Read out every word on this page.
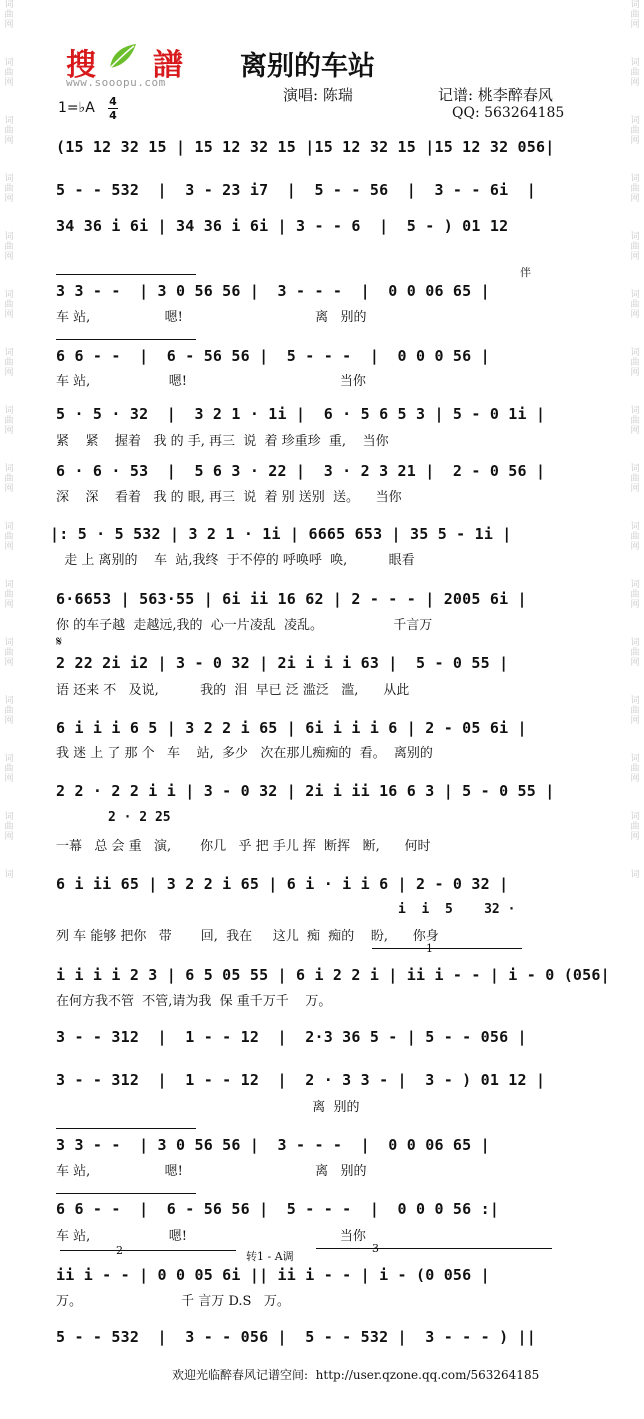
词
曲
网
词
曲
网
词
曲
网
词
曲
网
词
曲
网
词
曲
网
词
曲
网
词
曲
网
词
曲
网
词
曲
网
词
曲
网
词
曲
网
词
曲
网
词
曲
网
词
曲
网
词
词
曲
网
词
曲
网
词
曲
网
词
曲
网
词
曲
网
词
曲
网
词
曲
网
词
曲
网
词
曲
网
词
曲
网
词
曲
网
词
曲
网
词
曲
网
词
曲
网
词
曲
网
词
搜 譜
www.sooopu.com
离别的车站
演唱: 陈瑞	记谱: 桃李醉春风
QQ: 563264185
1=♭A 4
4
(15 12 32 15 | 15 12 32 15 |15 12 32 15 |15 12 32 056|
5 - - 532  |  3 - 23 i7  |  5 - - 56  |  3 - - 6i  |
34 36 i 6i | 34 36 i 6i | 3 - - 6  |  5 - ) 01 12
伴
3 3 - -  | 3 0 56 56 |  3 - - -  |  0 0 06 65 |
车 站,                  嗯!                                离   别的
6 6 - -  |  6 - 56 56 |  5 - - -  |  0 0 0 56 |
车 站,                   嗯!                                     当你
5 · 5 · 32  |  3 2 1 · 1i |  6 · 5 6 5 3 | 5 - 0 1i |
紧    紧    握着   我 的 手, 再三  说  着 珍重珍  重,    当你
6 · 6 · 53  |  5 6 3 · 22 |  3 · 2 3 21 |  2 - 0 56 |
深    深    看着   我 的 眼, 再三  说  着 别 送别  送。    当你
|: 5 · 5 532 | 3 2 1 · 1i | 6665 653 | 35 5 - 1i |
走 上 离别的    车  站,我终  于不停的 呼唤呼  唤,          眼看
6·6653 | 563·55 | 6i ii 16 62 | 2 - - - | 2005 6i |
你 的车子越  走越远,我的  心一片凌乱  凌乱。                 千言万
𝄋
2 22 2i i2 | 3 - 0 32 | 2i i i i 63 |  5 - 0 55 |
语 还来 不   及说,          我的  泪  早已 泛 滥泛   滥,      从此
6 i i i 6 5 | 3 2 2 i 65 | 6i i i i 6 | 2 - 05 6i |
我 迷 上 了 那 个   车    站,  多少   次在那儿痴痴的  看。  离别的
2 2 · 2 2 i i | 3 - 0 32 | 2i i ii 16 6 3 | 5 - 0 55 |
2 · 2 25
一幕   总 会 重   演,       你几   乎 把 手儿 挥  断挥   断,      何时
6 i ii 65 | 3 2 2 i 65 | 6 i · i i 6 | 2 - 0 32 |
i  i  5    32 ·
列 车 能够 把你   带       回,  我在     这儿  痴  痴的    盼,      你身
1
i i i i 2 3 | 6 5 05 55 | 6 i 2 2 i | ii i - - | i - 0 (056|
在何方我不管  不管,请为我  保 重千万千    万。
3 - - 312  |  1 - - 12  |  2·3 36 5 - | 5 - - 056 |
3 - - 312  |  1 - - 12  |  2 · 3 3 - |  3 - ) 01 12 |
离  别的
3 3 - -  | 3 0 56 56 |  3 - - -  |  0 0 06 65 |
车 站,                  嗯!                                离   别的
6 6 - -  |  6 - 56 56 |  5 - - -  |  0 0 0 56 :|
车 站,                   嗯!                                     当你
2	转1 - A调
3
ii i - - | 0 0 05 6i || ii i - - | i - (0 056 |
万。                        千 言万 D.S   万。
5 - - 532  |  3 - - 056 |  5 - - 532 |  3 - - - ) ||
欢迎光临醉春风记谱空间:  http://user.qzone.qq.com/563264185
